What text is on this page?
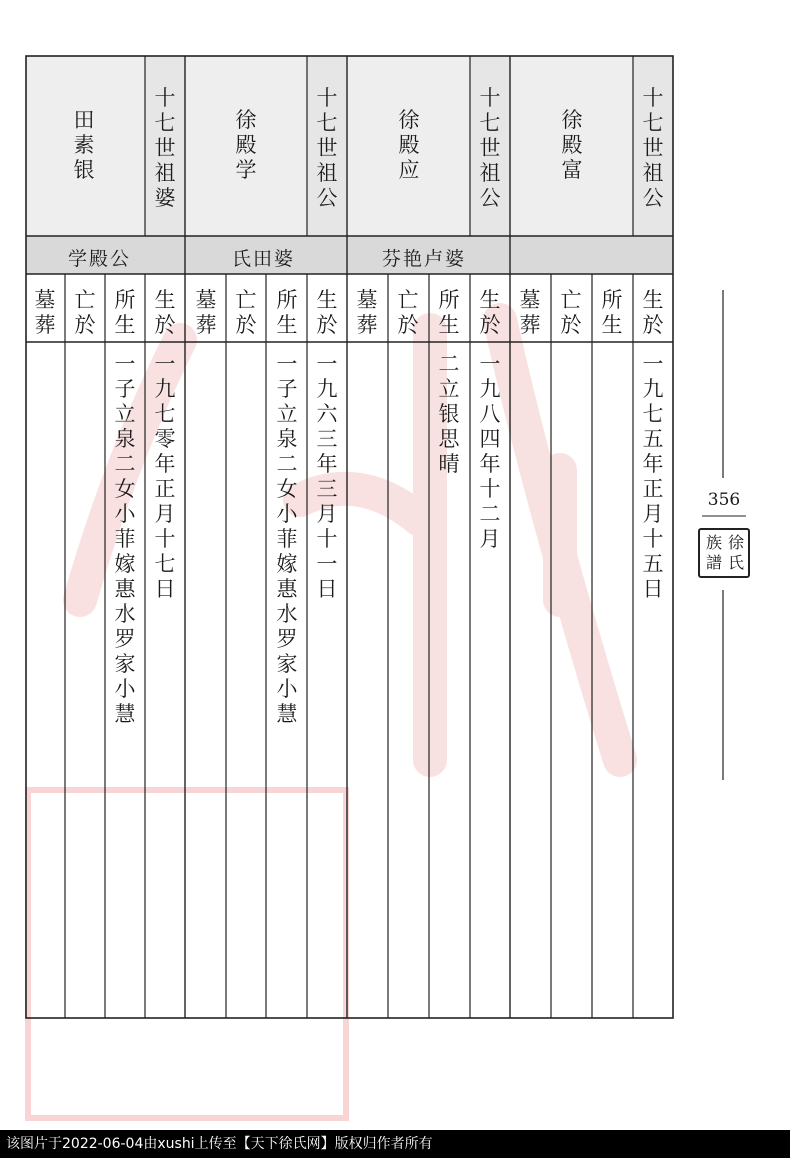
十
七
世
祖
公
徐
殿
富
生
於
所
生
亡
於
墓
葬
一
九
七
五
年
正
月
十
五
日
十
七
世
祖
公
徐
殿
应
芬艳卢婆
生
於
所
生
亡
於
墓
葬
一
九
八
四
年
十
二
月
二
立
银
思
晴
十
七
世
祖
公
徐
殿
学
氏田婆
生
於
所
生
亡
於
墓
葬
一
九
六
三
年
三
月
十
一
日
一
子
立
泉
二
女
小
菲
嫁
惠
水
罗
家
小
慧
十
七
世
祖
婆
田
素
银
学殿公
生
於
所
生
亡
於
墓
葬
一
九
七
零
年
正
月
十
七
日
一
子
立
泉
二
女
小
菲
嫁
惠
水
罗
家
小
慧
356
徐
氏
族
譜
该图片于2022-06-04由xushi上传至【天下徐氏网】版权归作者所有
